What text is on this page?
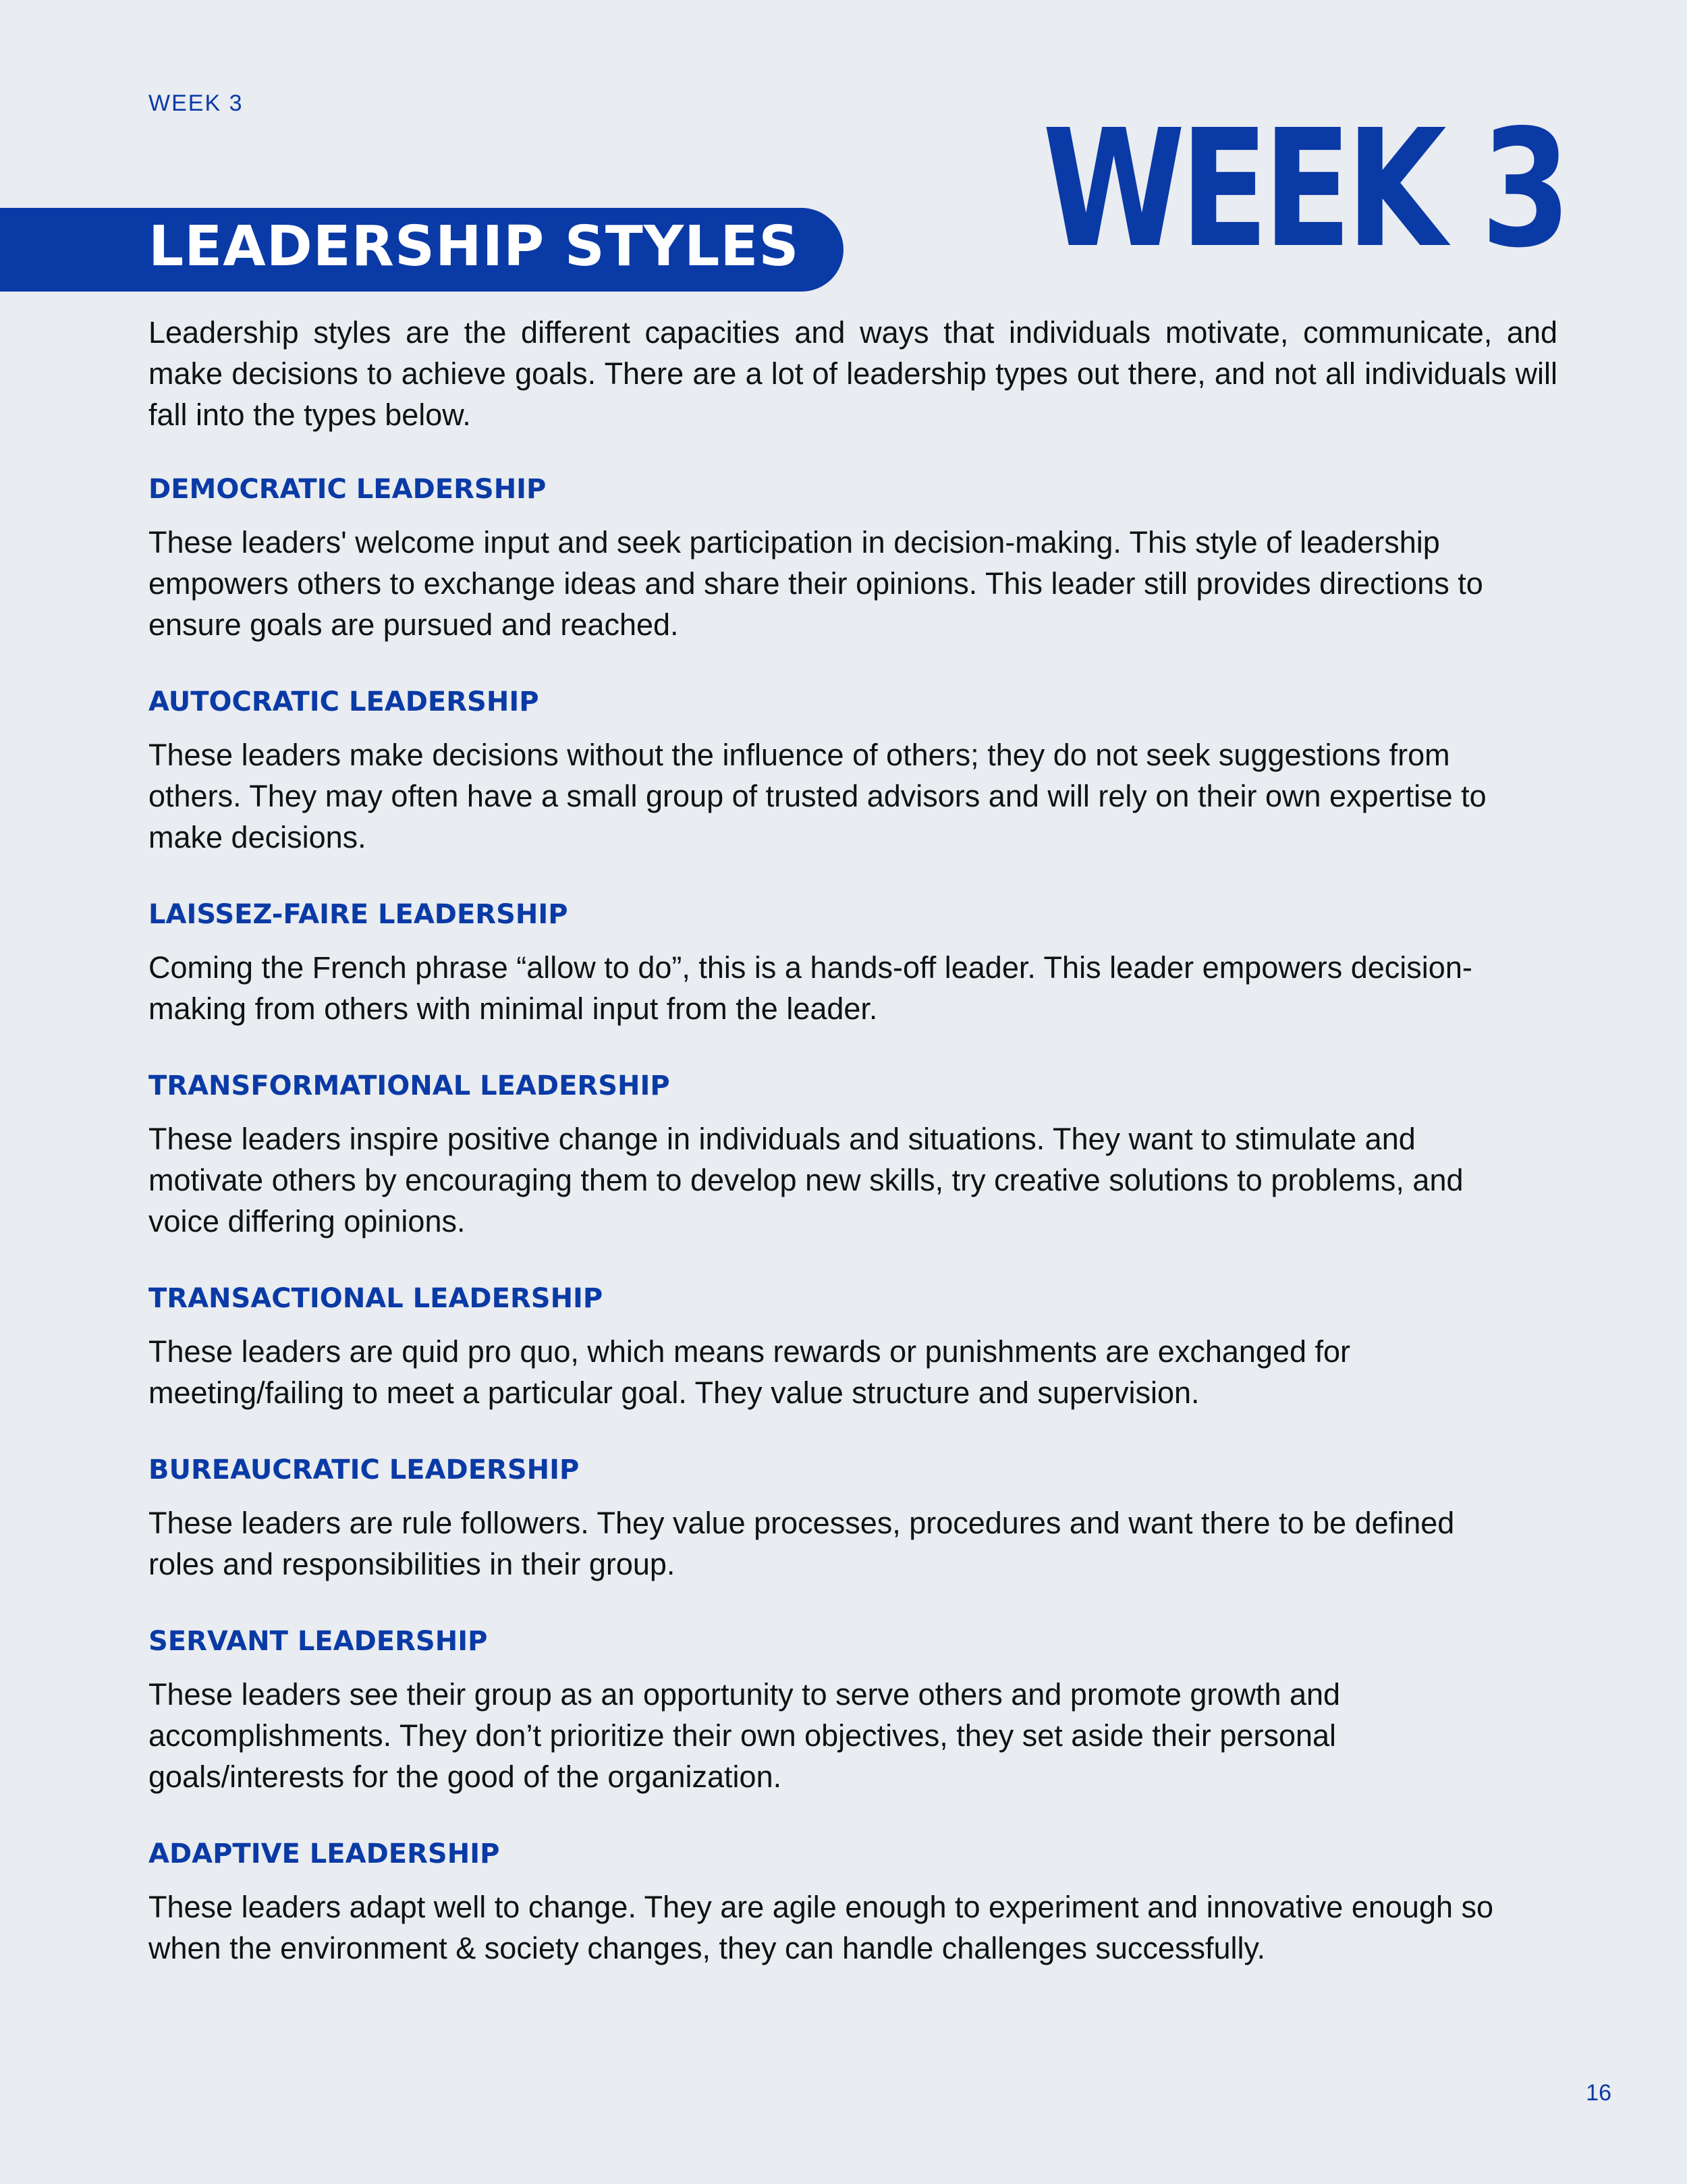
WEEK 3	WEEK 3
LEADERSHIP STYLES

Leadership styles are the different capacities and ways that individuals motivate, communicate, and make decisions to achieve goals. There are a lot of leadership types out there, and not all individuals will fall into the types below.

DEMOCRATIC LEADERSHIP
These leaders' welcome input and seek participation in decision-making. This style of leadership empowers others to exchange ideas and share their opinions. This leader still provides directions to ensure goals are pursued and reached.
AUTOCRATIC LEADERSHIP
These leaders make decisions without the influence of others; they do not seek suggestions from others. They may often have a small group of trusted advisors and will rely on their own expertise to make decisions.
LAISSEZ-FAIRE LEADERSHIP
Coming the French phrase “allow to do”, this is a hands-off leader. This leader empowers decision-making from others with minimal input from the leader.
TRANSFORMATIONAL LEADERSHIP
These leaders inspire positive change in individuals and situations. They want to stimulate and motivate others by encouraging them to develop new skills, try creative solutions to problems, and voice differing opinions.
TRANSACTIONAL LEADERSHIP
These leaders are quid pro quo, which means rewards or punishments are exchanged for meeting/failing to meet a particular goal. They value structure and supervision.
BUREAUCRATIC LEADERSHIP
These leaders are rule followers. They value processes, procedures and want there to be defined roles and responsibilities in their group.
SERVANT LEADERSHIP
These leaders see their group as an opportunity to serve others and promote growth and accomplishments. They don’t prioritize their own objectives, they set aside their personal goals/interests for the good of the organization.
ADAPTIVE LEADERSHIP
These leaders adapt well to change. They are agile enough to experiment and innovative enough so when the environment & society changes, they can handle challenges successfully.
16
